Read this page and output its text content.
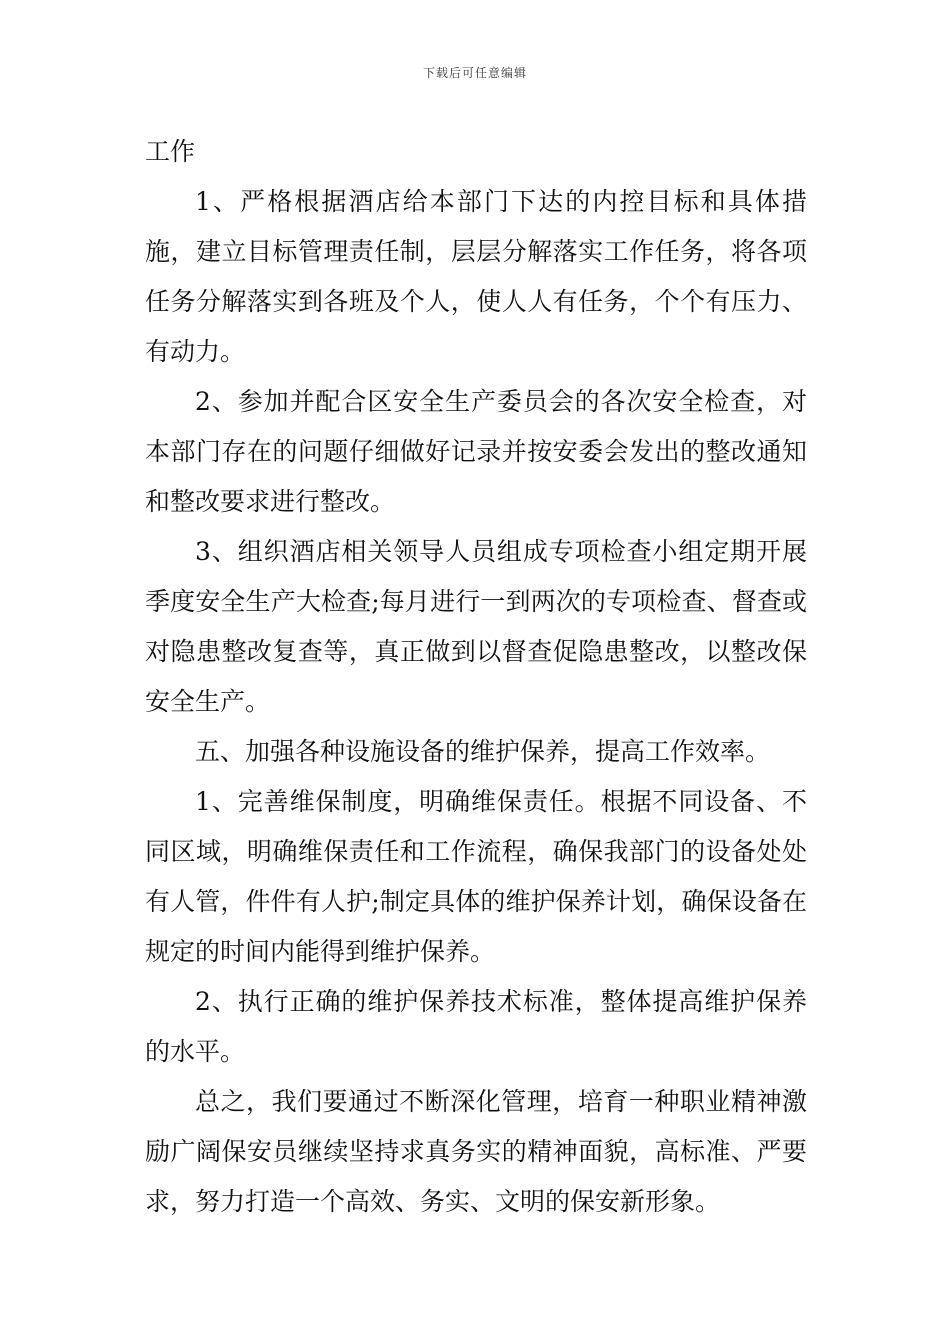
下载后可任意编辑

工作

1、严格根据酒店给本部门下达的内控目标和具体措施，建立目标管理责任制，层层分解落实工作任务，将各项任务分解落实到各班及个人，使人人有任务，个个有压力、有动力。

2、参加并配合区安全生产委员会的各次安全检查，对本部门存在的问题仔细做好记录并按安委会发出的整改通知和整改要求进行整改。

3、组织酒店相关领导人员组成专项检查小组定期开展季度安全生产大检查;每月进行一到两次的专项检查、督查或对隐患整改复查等，真正做到以督查促隐患整改，以整改保安全生产。

五、加强各种设施设备的维护保养，提高工作效率。

1、完善维保制度，明确维保责任。根据不同设备、不同区域，明确维保责任和工作流程，确保我部门的设备处处有人管，件件有人护;制定具体的维护保养计划，确保设备在规定的时间内能得到维护保养。

2、执行正确的维护保养技术标准，整体提高维护保养的水平。

总之，我们要通过不断深化管理，培育一种职业精神激励广阔保安员继续坚持求真务实的精神面貌，高标准、严要求，努力打造一个高效、务实、文明的保安新形象。
